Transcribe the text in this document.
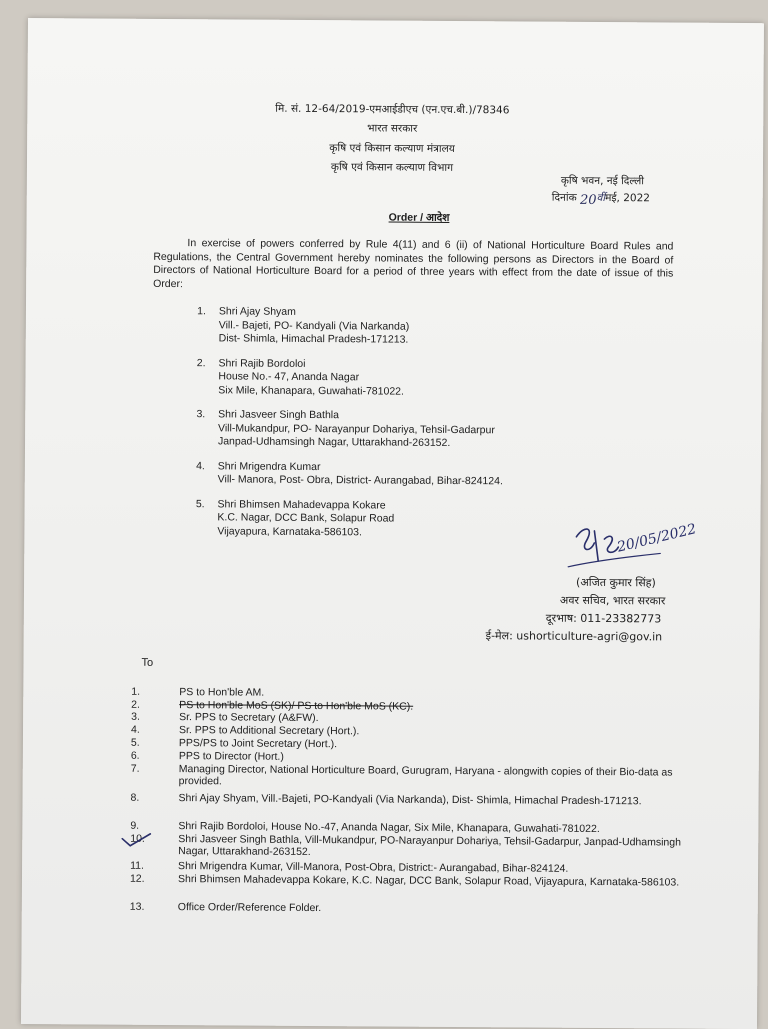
मि. सं. 12-64/2019-एमआईडीएच (एन.एच.बी.)/78346

भारत सरकार

कृषि एवं किसान कल्याण मंत्रालय

कृषि एवं किसान कल्याण विभाग

कृषि भवन, नई दिल्ली

दिनांक 20वींमई, 2022

Order / आदेश

In exercise of powers conferred by Rule 4(11) and 6 (ii) of National Horticulture Board Rules and Regulations, the Central Government hereby nominates the following persons as Directors in the Board of Directors of National Horticulture Board for a period of three years with effect from the date of issue of this Order:

1. Shri Ajay Shyam
Vill.- Bajeti, PO- Kandyali (Via Narkanda)
Dist- Shimla, Himachal Pradesh-171213.
2. Shri Rajib Bordoloi
House No.- 47, Ananda Nagar
Six Mile, Khanapara, Guwahati-781022.
3. Shri Jasveer Singh Bathla
Vill-Mukandpur, PO- Narayanpur Dohariya, Tehsil-Gadarpur
Janpad-Udhamsingh Nagar, Uttarakhand-263152.
4. Shri Mrigendra Kumar
Vill- Manora, Post- Obra, District- Aurangabad, Bihar-824124.
5. Shri Bhimsen Mahadevappa Kokare
K.C. Nagar, DCC Bank, Solapur Road
Vijayapura, Karnataka-586103.	20/05/2022

(अजित कुमार सिंह)

अवर सचिव, भारत सरकार

दूरभाष: 011-23382773

ई-मेल: ushorticulture-agri@gov.in

To

1.	PS to Hon'ble AM.
2.	PS to Hon'ble MoS (SK)/ PS to Hon'ble MoS (KC).
3.	Sr. PPS to Secretary (A&FW).
4.	Sr. PPS to Additional Secretary (Hort.).
5.	PPS/PS to Joint Secretary (Hort.).
6.	PPS to Director (Hort.)
7.	Managing Director, National Horticulture Board, Gurugram, Haryana - alongwith copies of their Bio-data as provided.
8.	Shri Ajay Shyam, Vill.-Bajeti, PO-Kandyali (Via Narkanda), Dist- Shimla, Himachal Pradesh-171213.
9.	Shri Rajib Bordoloi, House No.-47, Ananda Nagar, Six Mile, Khanapara, Guwahati-781022.
10.	Shri Jasveer Singh Bathla, Vill-Mukandpur, PO-Narayanpur Dohariya, Tehsil-Gadarpur, Janpad-Udhamsingh Nagar, Uttarakhand-263152.
11.	Shri Mrigendra Kumar, Vill-Manora, Post-Obra, District:- Aurangabad, Bihar-824124.
12.	Shri Bhimsen Mahadevappa Kokare, K.C. Nagar, DCC Bank, Solapur Road, Vijayapura, Karnataka-586103.
13.	Office Order/Reference Folder.
